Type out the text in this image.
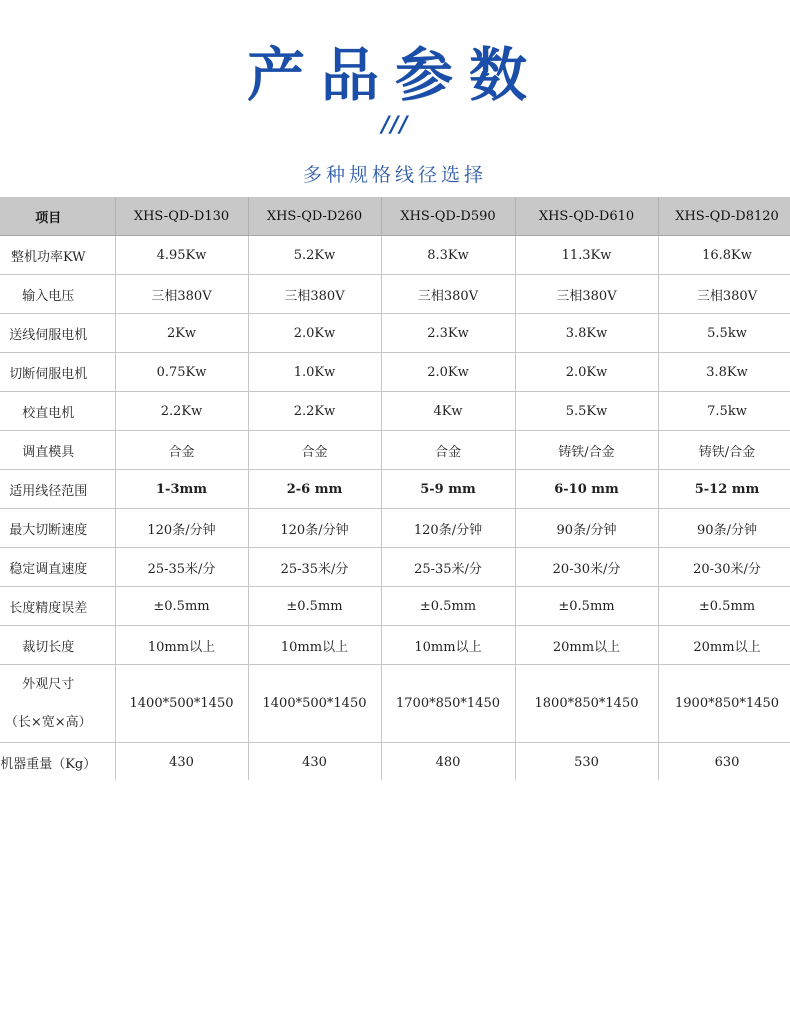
产品参数
///
多种规格线径选择
项目	XHS-QD-D130	XHS-QD-D260	XHS-QD-D590	XHS-QD-D610	XHS-QD-D8120
整机功率KW	4.95Kw	5.2Kw	8.3Kw	11.3Kw	16.8Kw
输入电压	三相380V	三相380V	三相380V	三相380V	三相380V
送线伺服电机	2Kw	2.0Kw	2.3Kw	3.8Kw	5.5kw
切断伺服电机	0.75Kw	1.0Kw	2.0Kw	2.0Kw	3.8Kw
校直电机	2.2Kw	2.2Kw	4Kw	5.5Kw	7.5kw
调直模具	合金	合金	合金	铸铁/合金	铸铁/合金
适用线径范围	1-3mm	2-6 mm	5-9 mm	6-10 mm	5-12 mm
最大切断速度	120条/分钟	120条/分钟	120条/分钟	90条/分钟	90条/分钟
稳定调直速度	25-35米/分	25-35米/分	25-35米/分	20-30米/分	20-30米/分
长度精度误差	±0.5mm	±0.5mm	±0.5mm	±0.5mm	±0.5mm
裁切长度	10mm以上	10mm以上	10mm以上	20mm以上	20mm以上

外观尺寸
（长×宽×高）	1400*500*1450	1400*500*1450	1700*850*1450	1800*850*1450	1900*850*1450
机器重量（Kg）	430	430	480	530	630
